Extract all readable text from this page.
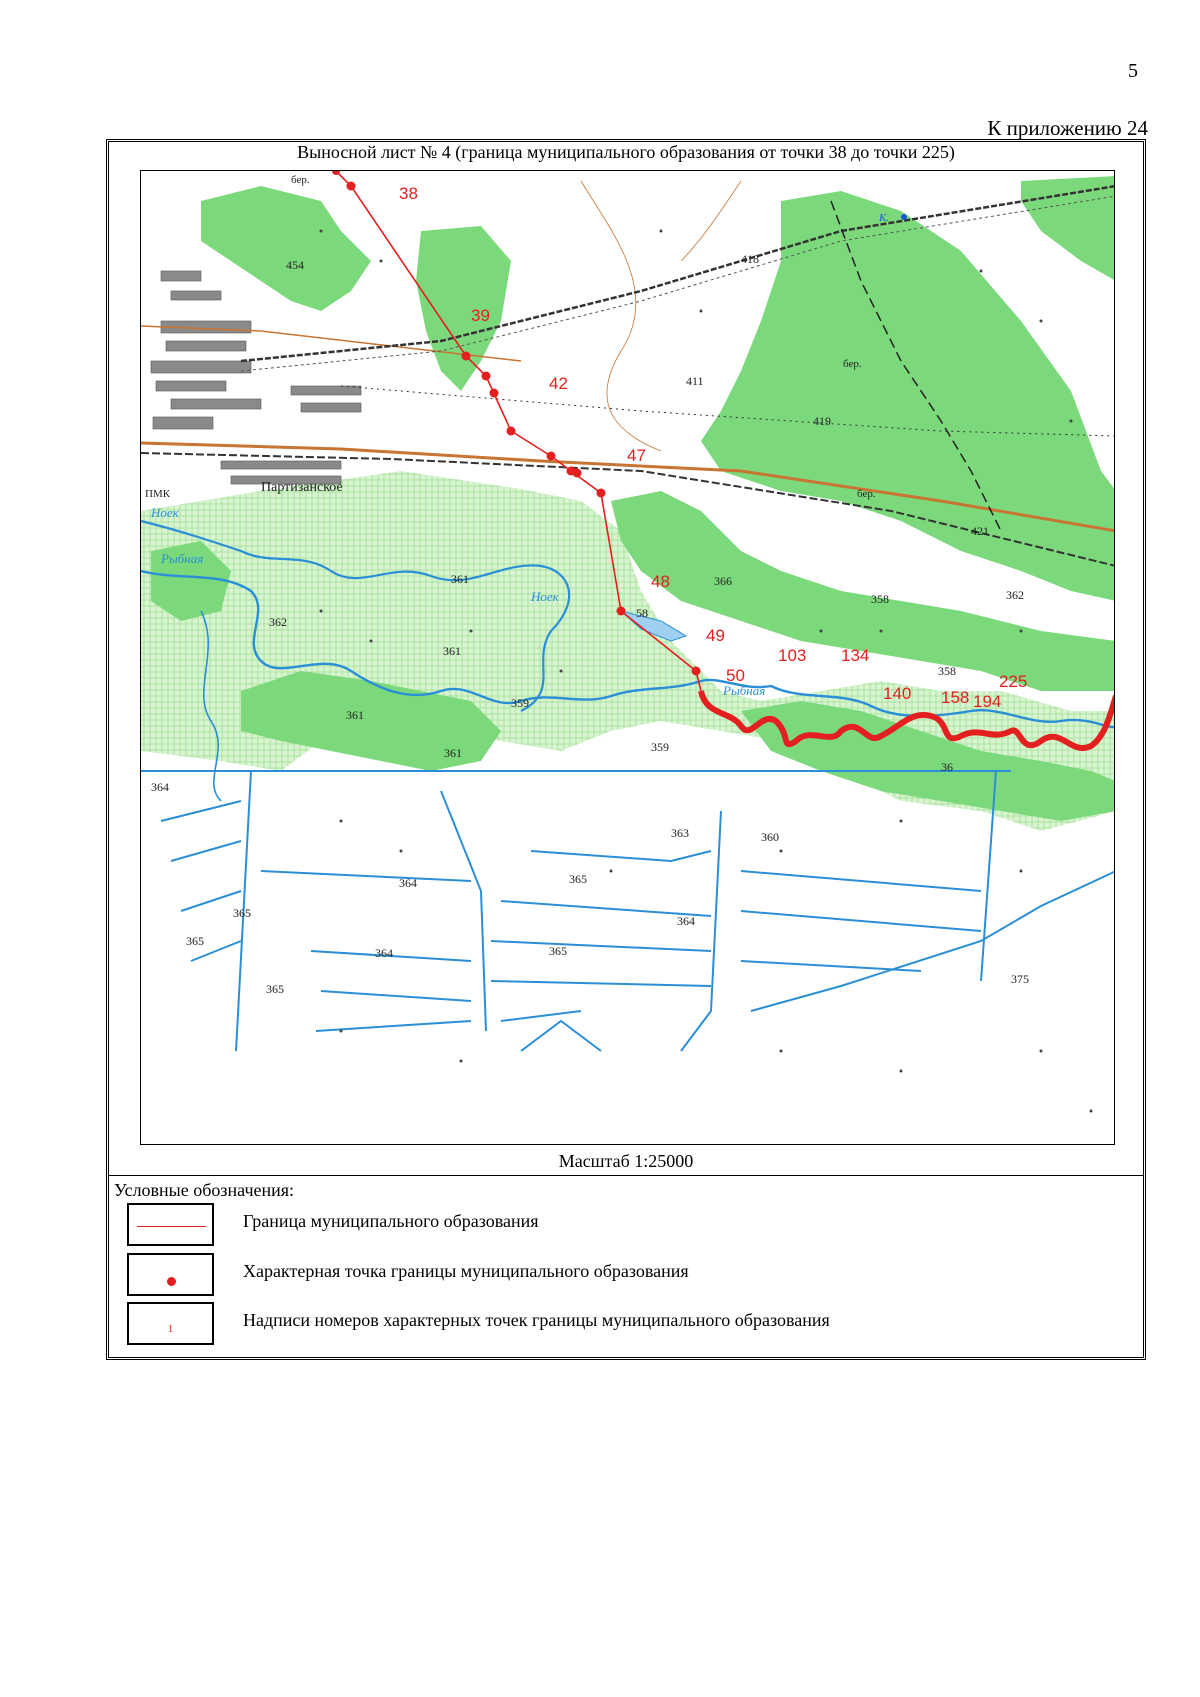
5
К приложению 24
Выносной лист № 4 (граница муниципального образования от точки 38 до точки 225)
38
39
42
47
48
49
50
103 134
140 158 194
225
454	418
411
419
421
366
358	362
361
362
361
359
361
361	359
358
364
363	360
364	365
365
364
365
364	365
365
375
58
36
Партизанское
ПМК
Ноек
Рыбная
Ноек
Рыбная
бер.
бер.
бер.
К.
Масштаб 1:25000
Условные обозначения:
Граница муниципального образования
Характерная точка границы муниципального образования
1	Надписи номеров характерных точек границы муниципального образования
